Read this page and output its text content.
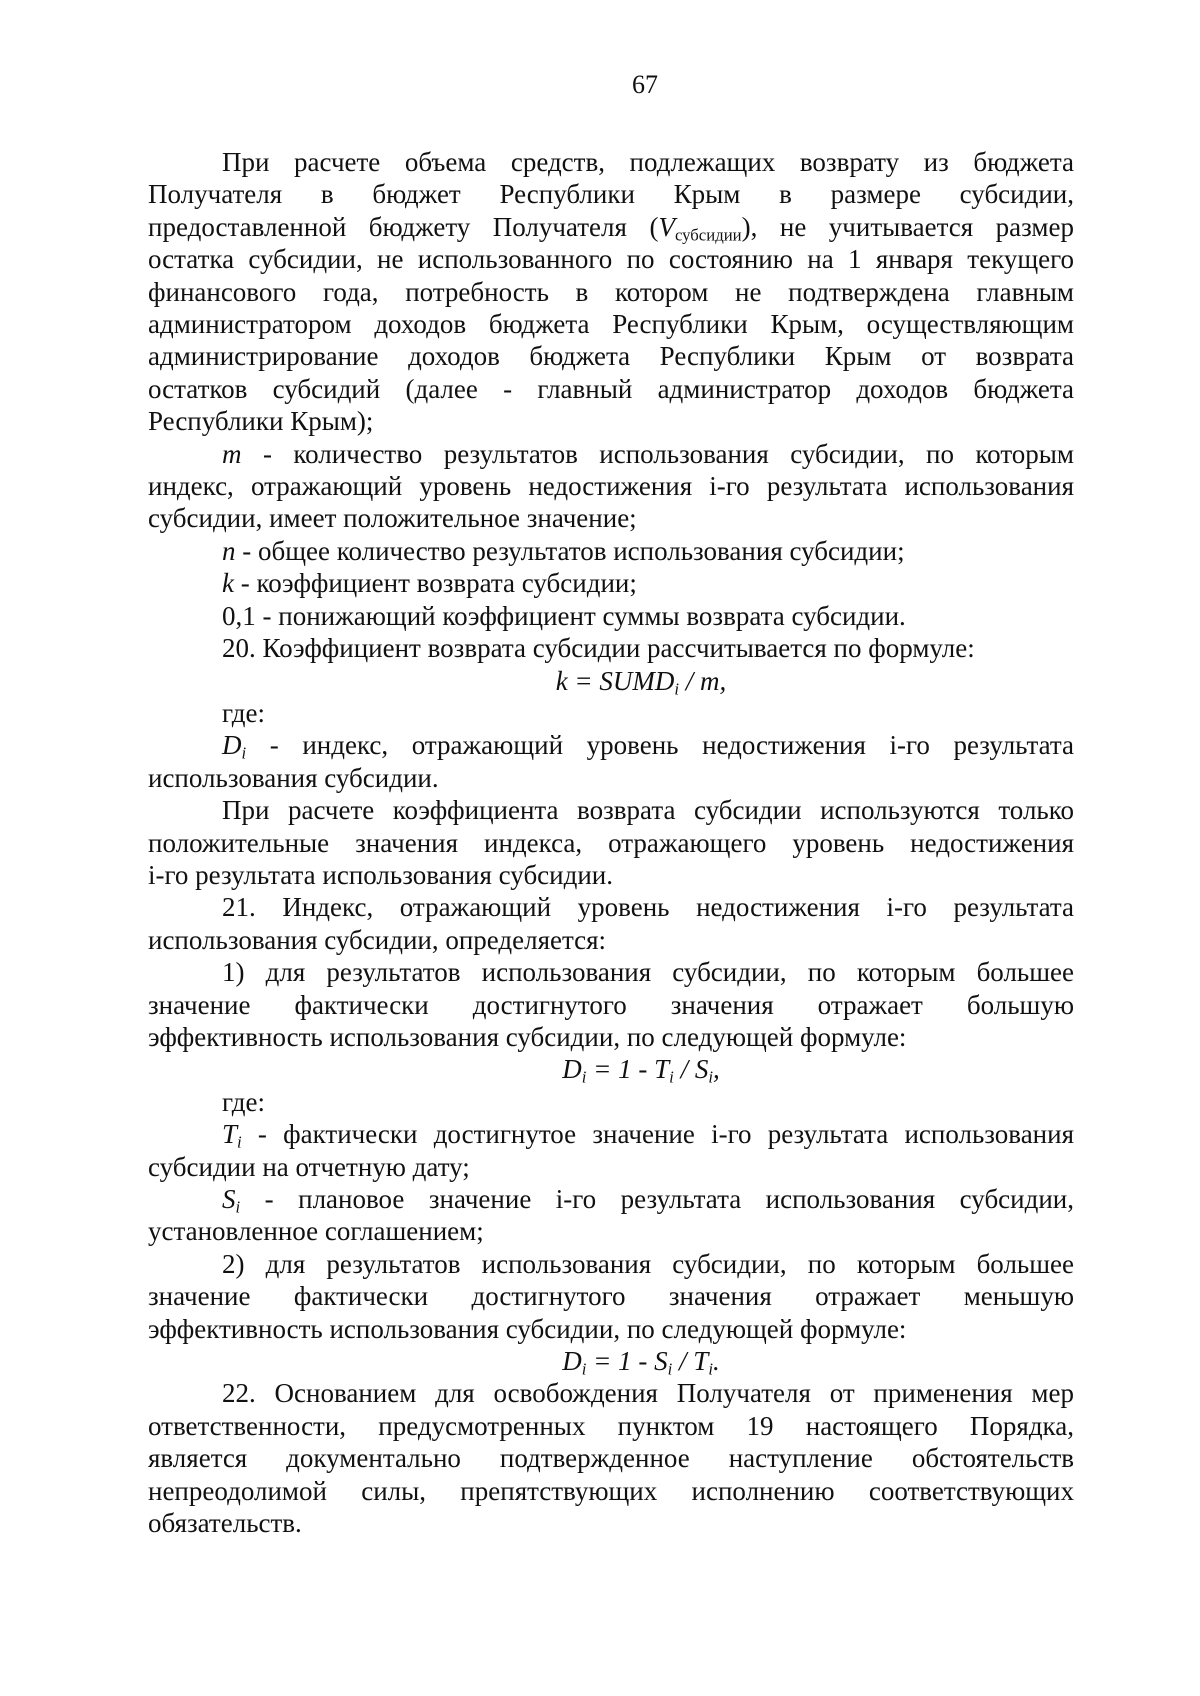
67

При расчете объема средств, подлежащих возврату из бюджета

Получателя в бюджет Республики Крым в размере субсидии,

предоставленной бюджету Получателя (Vсубсидии), не учитывается размер

остатка субсидии, не использованного по состоянию на 1 января текущего

финансового года, потребность в котором не подтверждена главным

администратором доходов бюджета Республики Крым, осуществляющим

администрирование доходов бюджета Республики Крым от возврата

остатков субсидий (далее - главный администратор доходов бюджета

Республики Крым);

m - количество результатов использования субсидии, по которым

индекс, отражающий уровень недостижения i-го результата использования

субсидии, имеет положительное значение;

n - общее количество результатов использования субсидии;

k - коэффициент возврата субсидии;

0,1 - понижающий коэффициент суммы возврата субсидии.

20. Коэффициент возврата субсидии рассчитывается по формуле:

$k = SUMD_i / m$,

где:

$D_i$ - индекс, отражающий уровень недостижения i-го результата

использования субсидии.

При расчете коэффициента возврата субсидии используются только

положительные значения индекса, отражающего уровень недостижения

i-го результата использования субсидии.

21. Индекс, отражающий уровень недостижения i-го результата

использования субсидии, определяется:

1) для результатов использования субсидии, по которым большее

значение фактически достигнутого значения отражает большую

эффективность использования субсидии, по следующей формуле:

$D_i = 1 - T_i / S_i$,

где:

$T_i$ - фактически достигнутое значение i-го результата использования

субсидии на отчетную дату;

$S_i$ - плановое значение i-го результата использования субсидии,

установленное соглашением;

2) для результатов использования субсидии, по которым большее

значение фактически достигнутого значения отражает меньшую

эффективность использования субсидии, по следующей формуле:

$D_i = 1 - S_i / T_i$.

22. Основанием для освобождения Получателя от применения мер

ответственности, предусмотренных пунктом 19 настоящего Порядка,

является документально подтвержденное наступление обстоятельств

непреодолимой силы, препятствующих исполнению соответствующих

обязательств.
